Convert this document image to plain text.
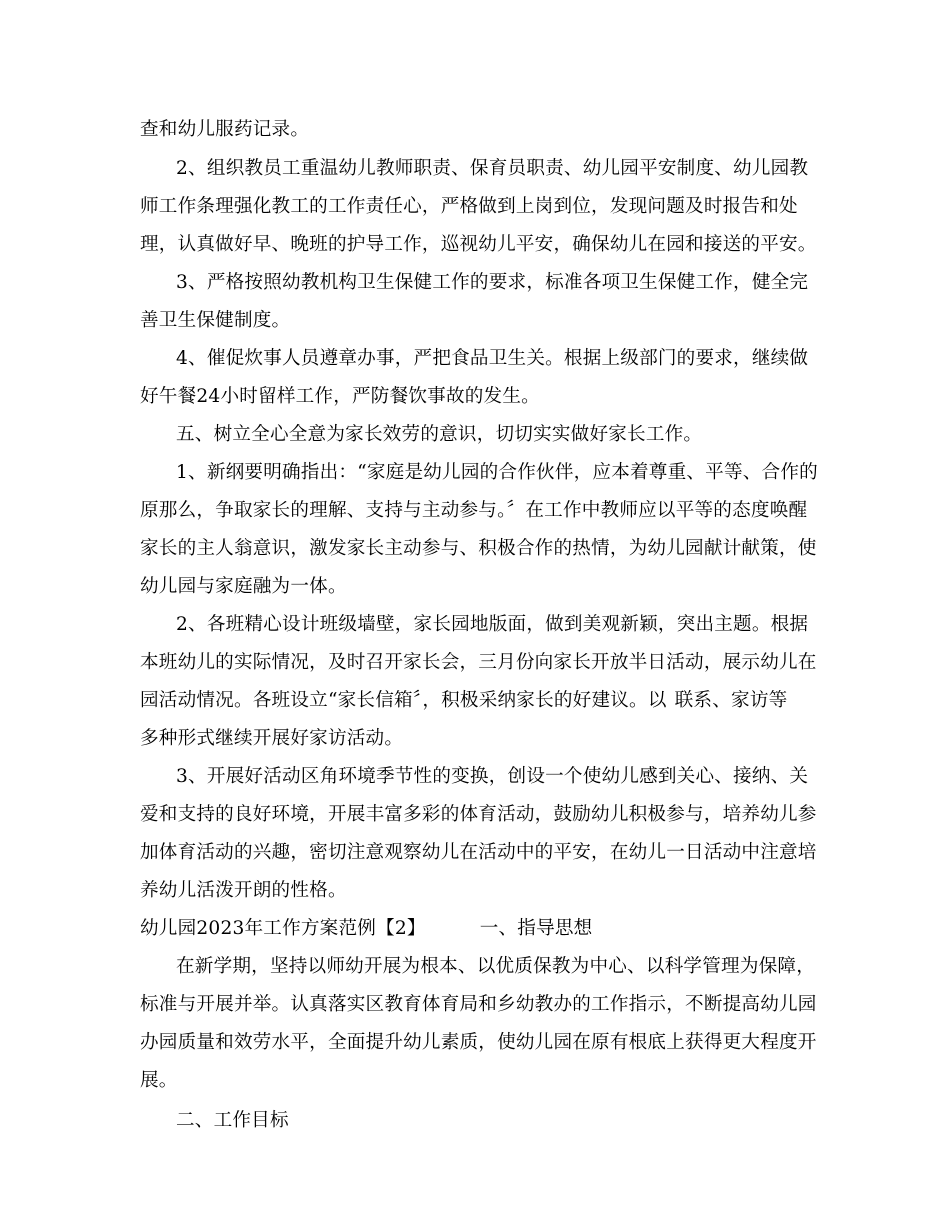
查和幼儿服药记录。
2、组织教员工重温幼儿教师职责、保育员职责、幼儿园平安制度、幼儿园教
师工作条理强化教工的工作责任心，严格做到上岗到位，发现问题及时报告和处
理，认真做好早、晚班的护导工作，巡视幼儿平安，确保幼儿在园和接送的平安。
3、严格按照幼教机构卫生保健工作的要求，标准各项卫生保健工作，健全完
善卫生保健制度。
4、催促炊事人员遵章办事，严把食品卫生关。根据上级部门的要求，继续做
好午餐24小时留样工作，严防餐饮事故的发生。
五、树立全心全意为家长效劳的意识，切切实实做好家长工作。
1、新纲要明确指出：“家庭是幼儿园的合作伙伴，应本着尊重、平等、合作的
原那么，争取家长的理解、支持与主动参与。〞在工作中教师应以平等的态度唤醒
家长的主人翁意识，激发家长主动参与、积极合作的热情，为幼儿园献计献策，使
幼儿园与家庭融为一体。
2、各班精心设计班级墙壁，家长园地版面，做到美观新颖，突出主题。根据
本班幼儿的实际情况，及时召开家长会，三月份向家长开放半日活动，展示幼儿在
园活动情况。各班设立“家长信箱〞，积极采纳家长的好建议。以 联系、家访等
多种形式继续开展好家访活动。
3、开展好活动区角环境季节性的变换，创设一个使幼儿感到关心、接纳、关
爱和支持的良好环境，开展丰富多彩的体育活动，鼓励幼儿积极参与，培养幼儿参
加体育活动的兴趣，密切注意观察幼儿在活动中的平安，在幼儿一日活动中注意培
养幼儿活泼开朗的性格。
幼儿园2023年工作方案范例【2】	一、指导思想
在新学期，坚持以师幼开展为根本、以优质保教为中心、以科学管理为保障，
标准与开展并举。认真落实区教育体育局和乡幼教办的工作指示，不断提高幼儿园
办园质量和效劳水平，全面提升幼儿素质，使幼儿园在原有根底上获得更大程度开
展。
二、工作目标
